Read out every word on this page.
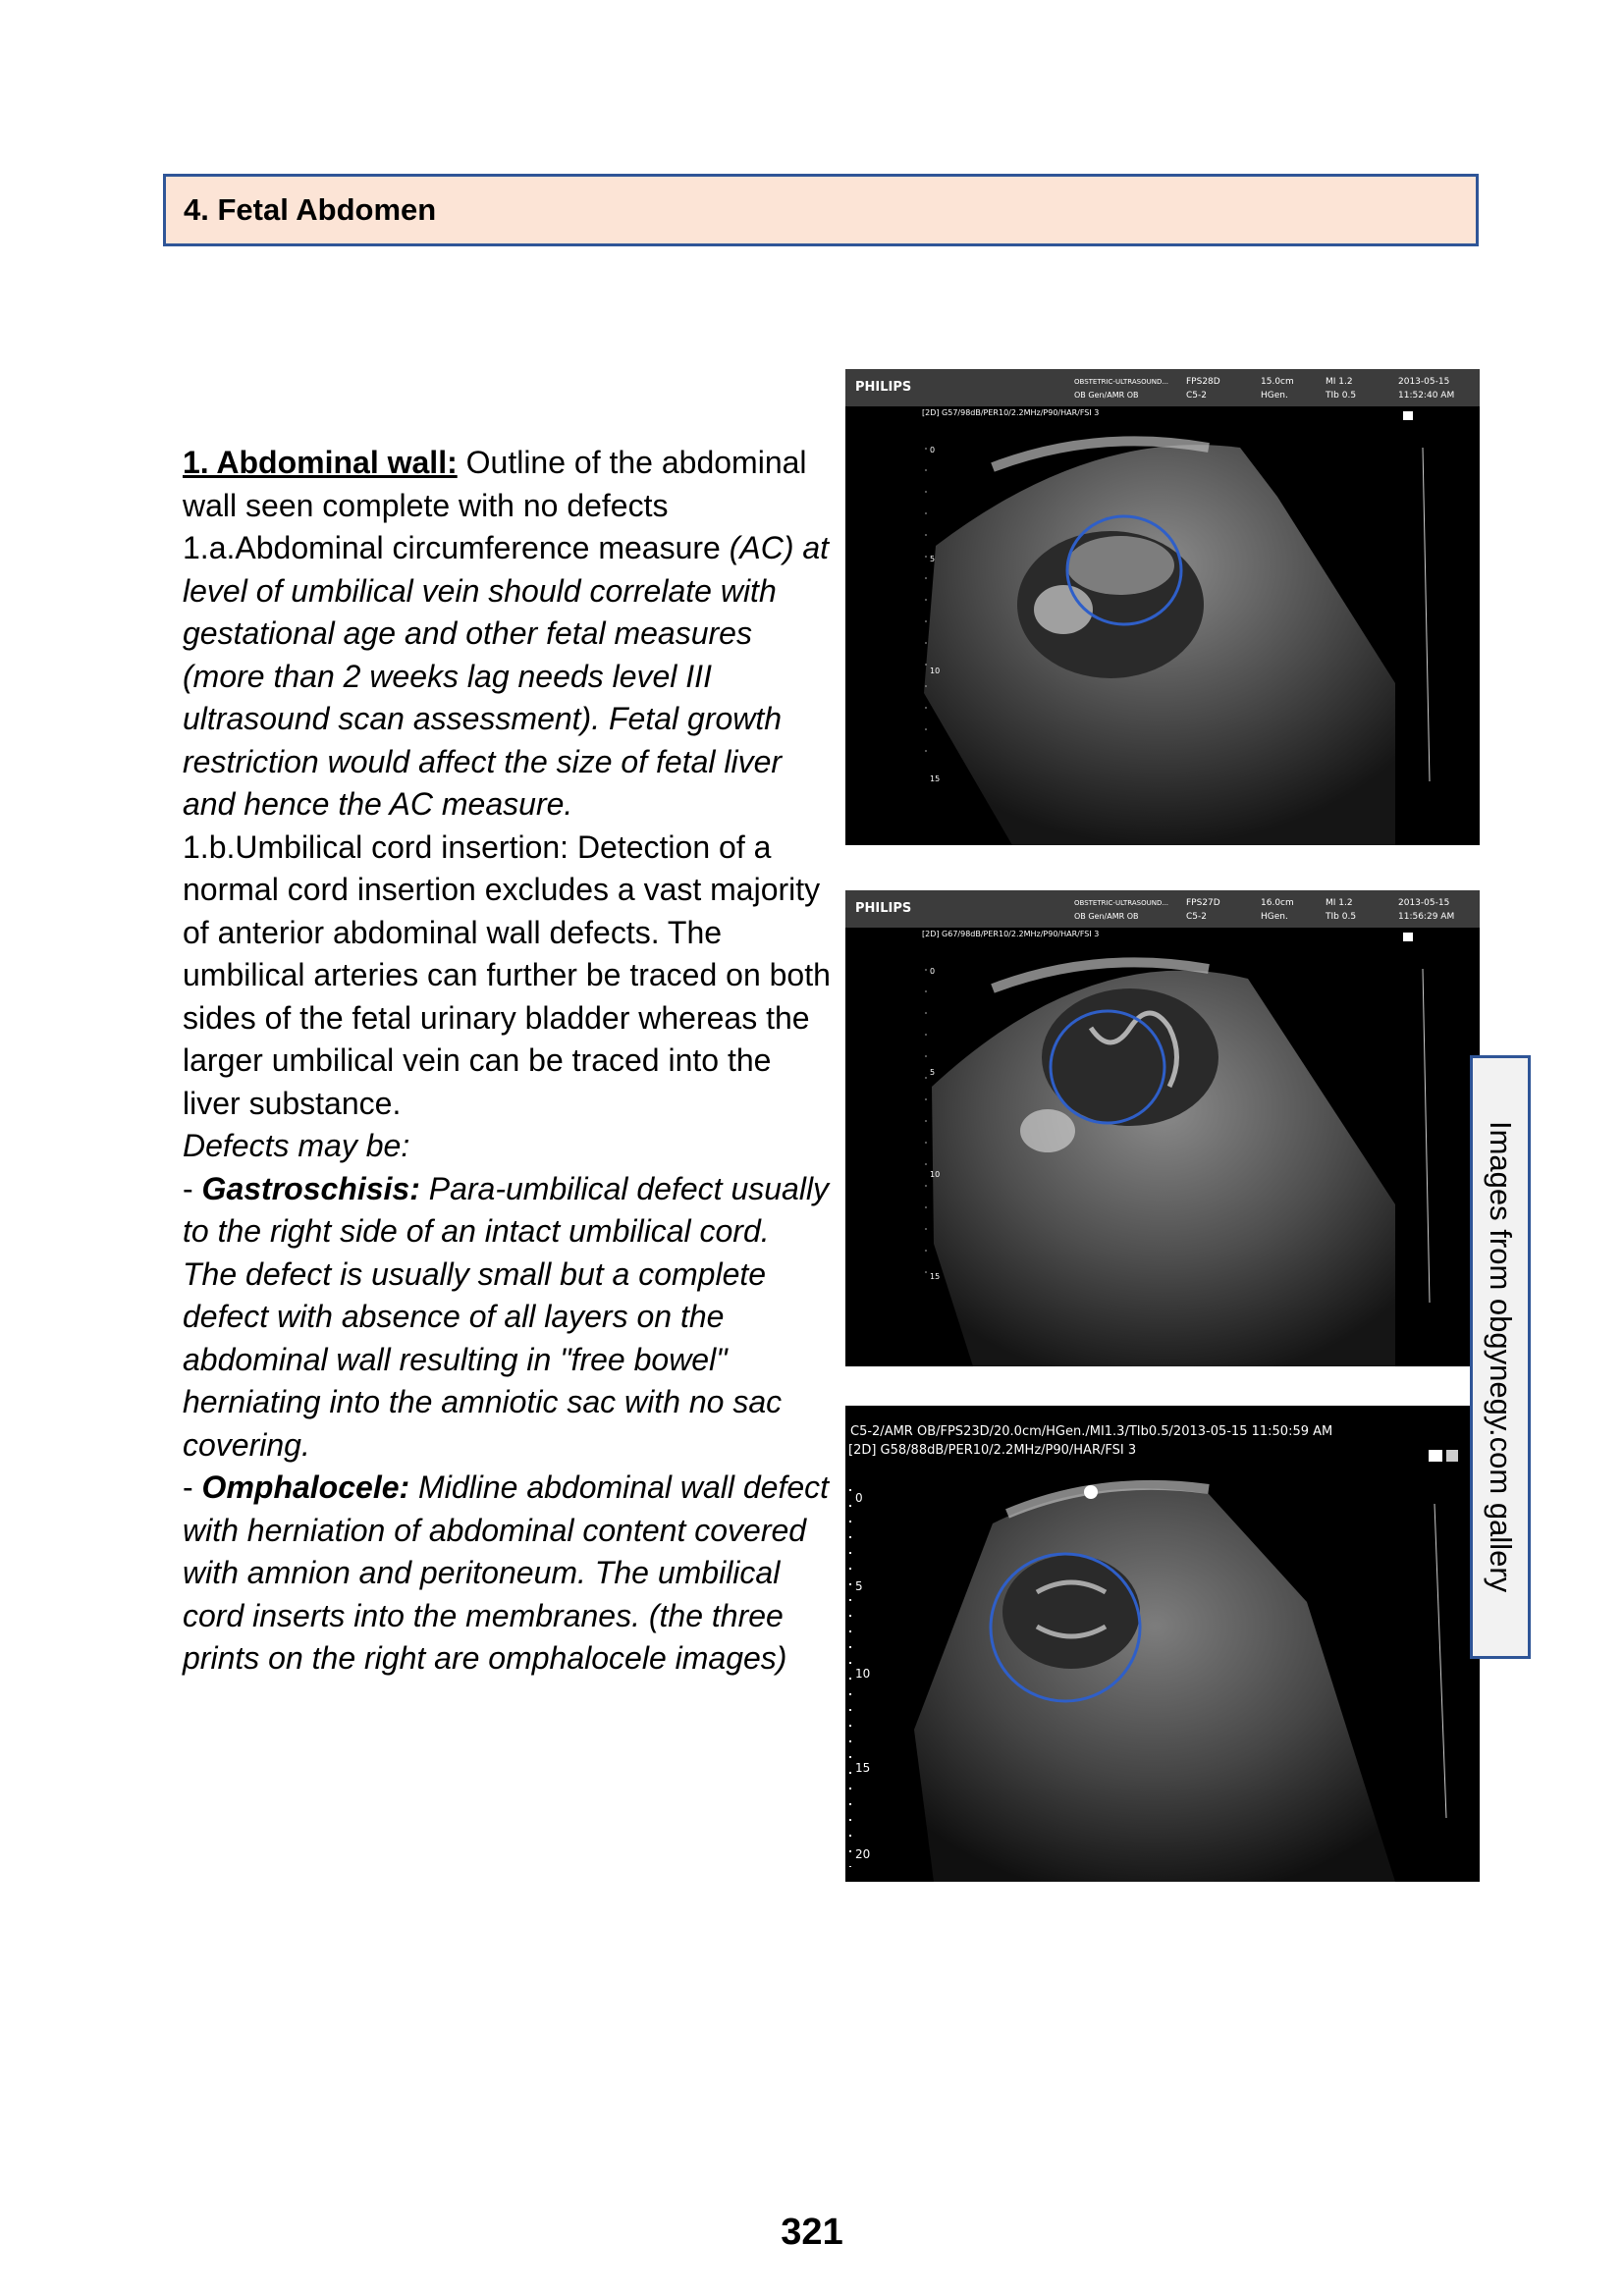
4. Fetal Abdomen

1. Abdominal wall: Outline of the abdominal wall seen complete with no defects

1.a.Abdominal circumference measure (AC) at level of umbilical vein should correlate with gestational age and other fetal measures (more than 2 weeks lag needs level III ultrasound scan assessment). Fetal growth restriction would affect the size of fetal liver and hence the AC measure.

1.b.Umbilical cord insertion: Detection of a normal cord insertion excludes a vast majority of anterior abdominal wall defects. The umbilical arteries can further be traced on both sides of the fetal urinary bladder whereas the larger umbilical vein can be traced into the liver substance.

Defects may be:

- Gastroschisis: Para-umbilical defect usually to the right side of an intact umbilical cord. The defect is usually small but a complete defect with absence of all layers on the abdominal wall resulting in "free bowel" herniating into the amniotic sac with no sac covering.

- Omphalocele: Midline abdominal wall defect with herniation of abdominal content covered with amnion and peritoneum. The umbilical cord inserts into the membranes. (the three prints on the right are omphalocele images)

PHILIPS	OBSTETRIC-ULTRASOUND...
OB Gen/AMR OB
FPS28D
C5-2
15.0cm
HGen.
MI 1.2
TIb 0.5
2013-05-15
11:52:40 AM
[2D] G57/98dB/PER10/2.2MHz/P90/HAR/FSI 3
0
5
10
15
PHILIPS	OBSTETRIC-ULTRASOUND...
OB Gen/AMR OB
FPS27D
C5-2
16.0cm
HGen.
MI 1.2
TIb 0.5
2013-05-15
11:56:29 AM
[2D] G67/98dB/PER10/2.2MHz/P90/HAR/FSI 3
0
5
10
15
C5-2/AMR OB/FPS23D/20.0cm/HGen./MI1.3/TIb0.5/2013-05-15 11:50:59 AM
[2D] G58/88dB/PER10/2.2MHz/P90/HAR/FSI 3
0
5
10
15
20
Images from obgynegy.com gallery
321
